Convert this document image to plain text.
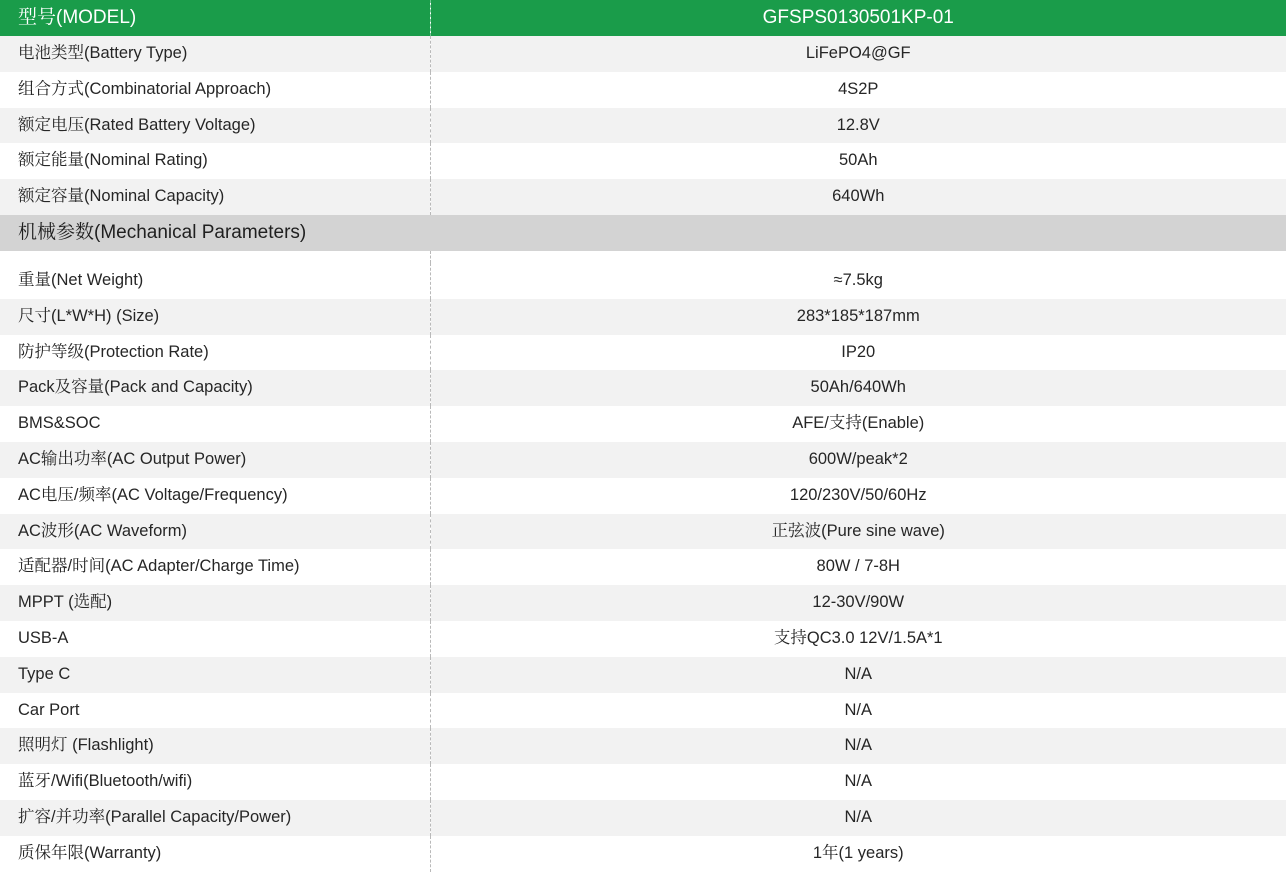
型号(MODEL)	GFSPS0130501KP-01
电池类型(Battery Type)	LiFePO4@GF
组合方式(Combinatorial Approach)	4S2P
额定电压(Rated Battery Voltage)	12.8V
额定能量(Nominal Rating)	50Ah
额定容量(Nominal Capacity)	640Wh
机械参数(Mechanical Parameters)

重量(Net Weight)	≈7.5kg
尺寸(L*W*H) (Size)	283*185*187mm
防护等级(Protection Rate)	IP20
Pack及容量(Pack and Capacity)	50Ah/640Wh
BMS&SOC	AFE/支持(Enable)
AC输出功率(AC Output Power)	600W/peak*2
AC电压/频率(AC Voltage/Frequency)	120/230V/50/60Hz
AC波形(AC Waveform)	正弦波(Pure sine wave)
适配器/时间(AC Adapter/Charge Time)	80W / 7-8H
MPPT (选配)	12-30V/90W
USB-A	支持QC3.0 12V/1.5A*1
Type C	N/A
Car Port	N/A
照明灯 (Flashlight)	N/A
蓝牙/Wifi(Bluetooth/wifi)	N/A
扩容/并功率(Parallel Capacity/Power)	N/A
质保年限(Warranty)	1年(1 years)
